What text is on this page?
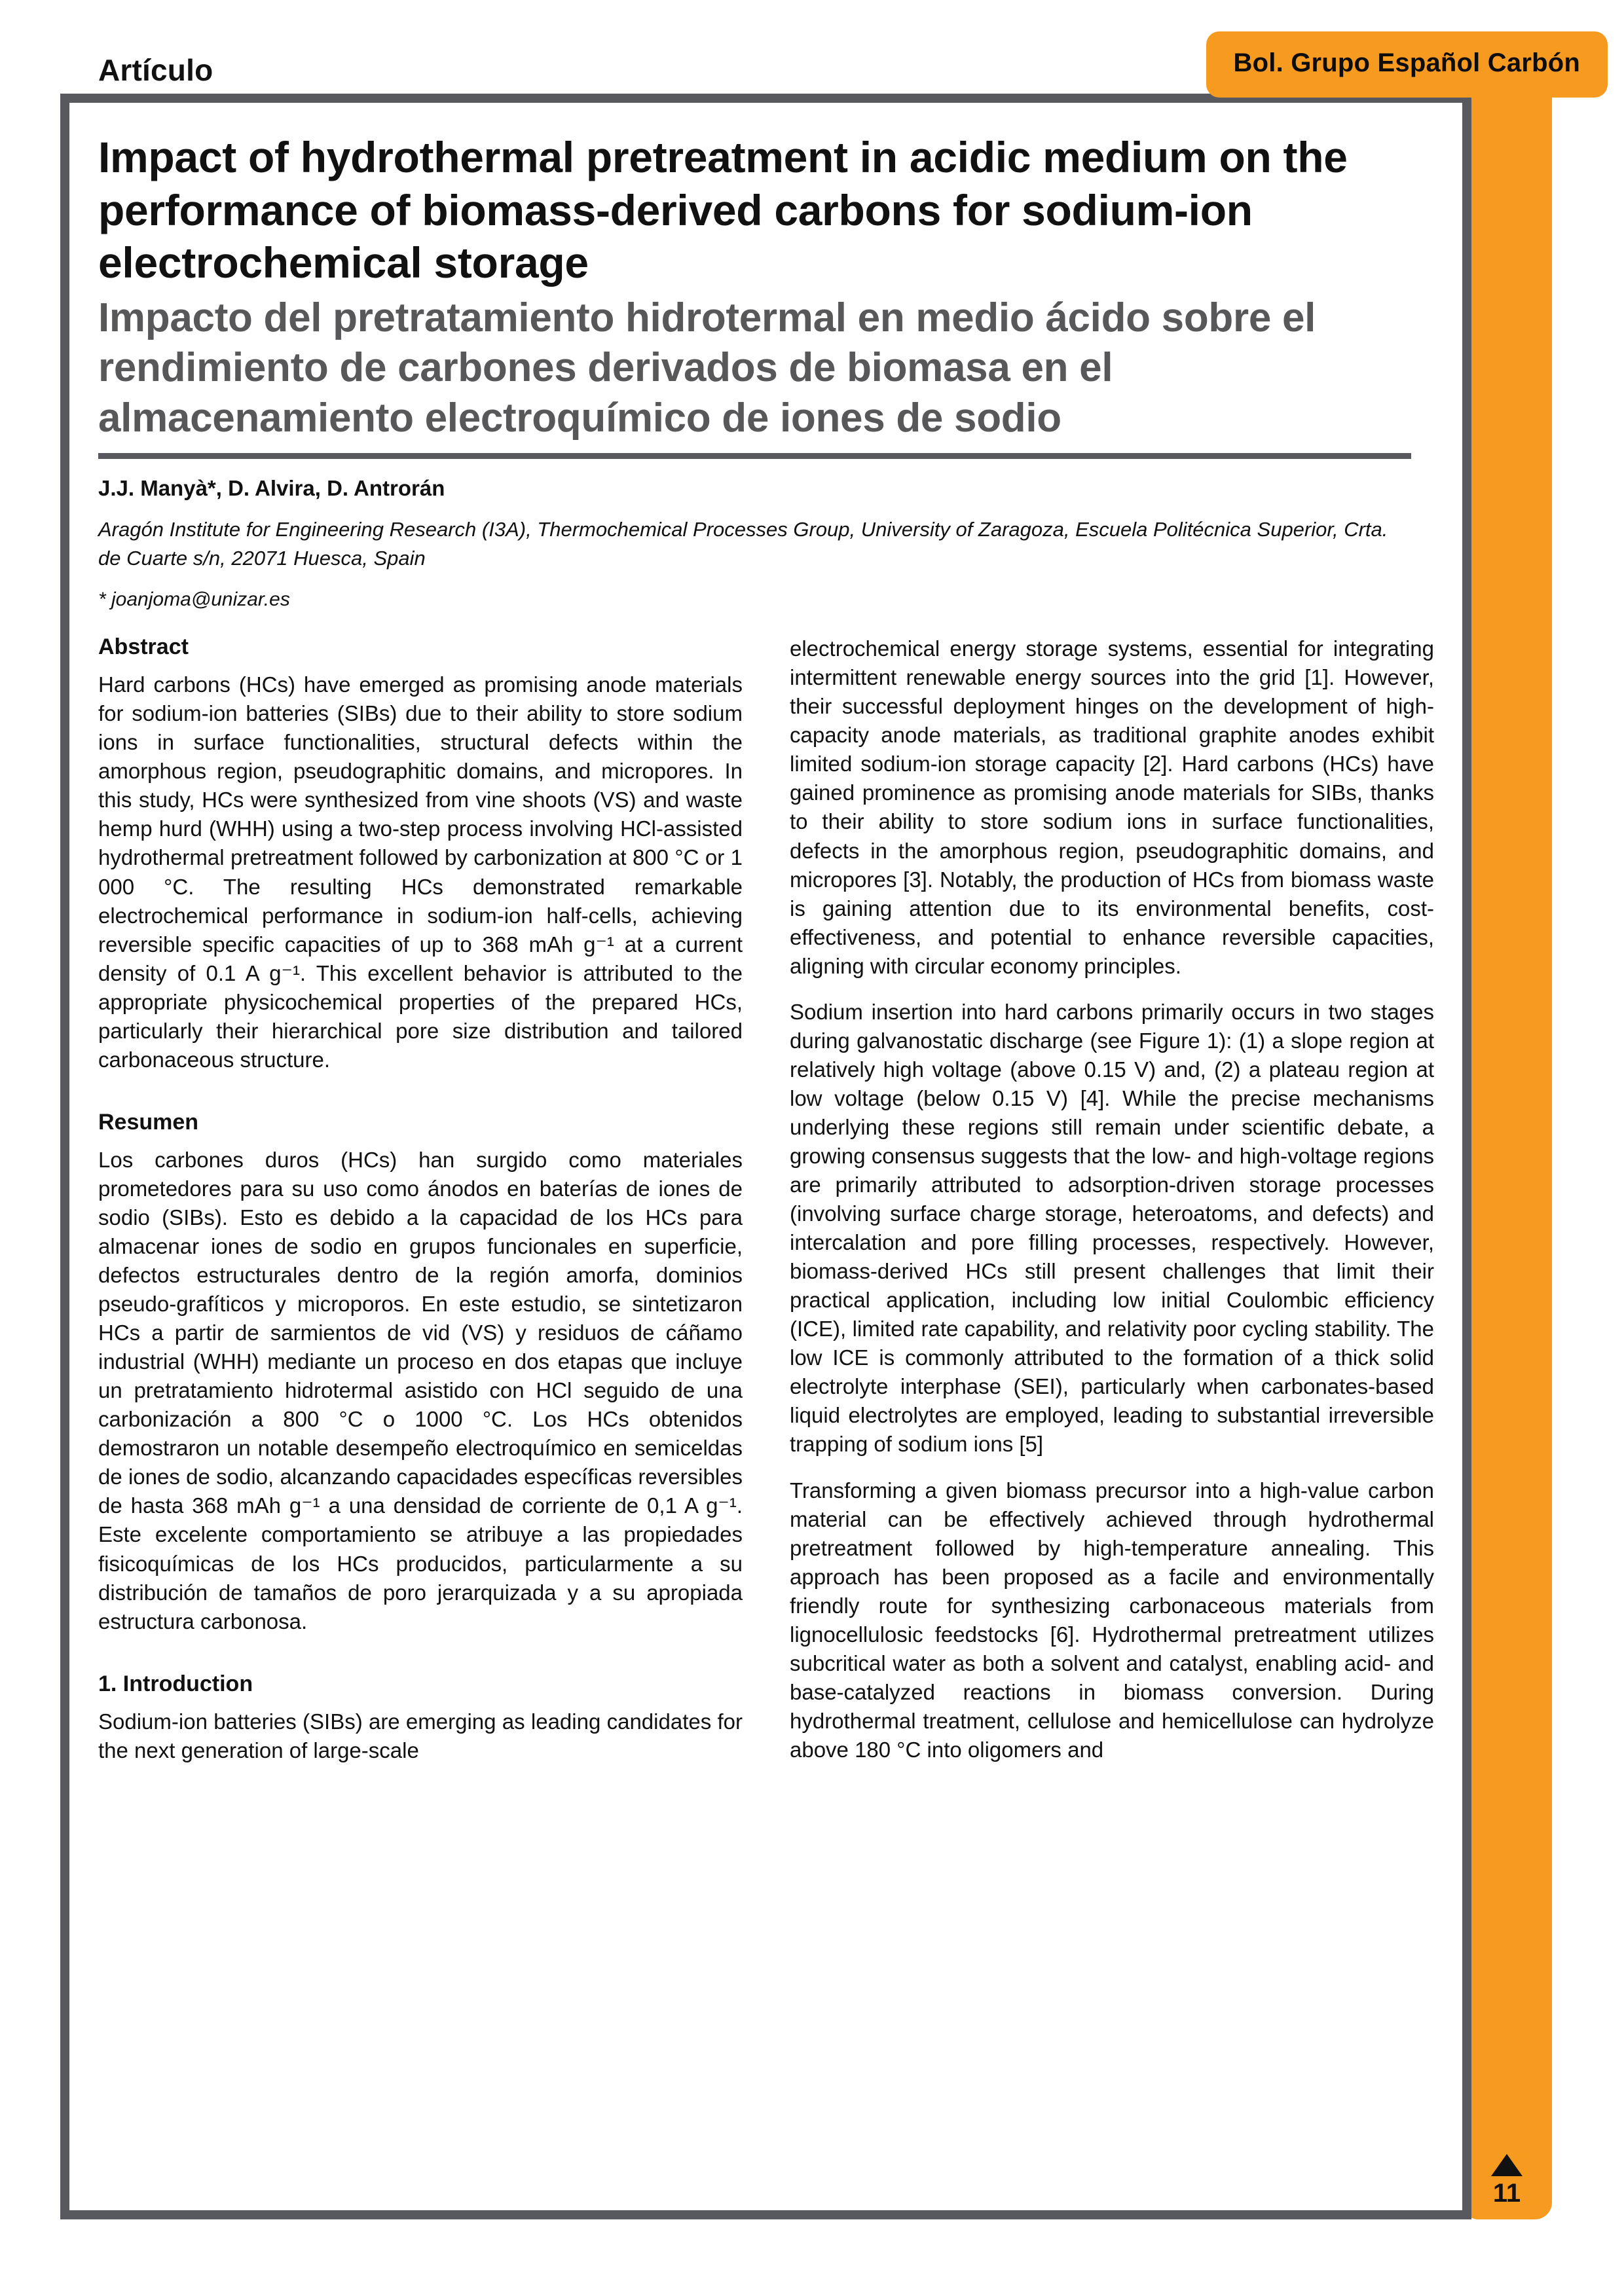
Artículo	Bol. Grupo Español Carbón
Impact of hydrothermal pretreatment in acidic medium on the performance of biomass-derived carbons for sodium-ion electrochemical storage
Impacto del pretratamiento hidrotermal en medio ácido sobre el rendimiento de carbones derivados de biomasa en el almacenamiento electroquímico de iones de sodio
J.J. Manyà*, D. Alvira, D. Antrorán
Aragón Institute for Engineering Research (I3A), Thermochemical Processes Group, University of Zaragoza, Escuela Politécnica Superior, Crta. de Cuarte s/n, 22071 Huesca, Spain
* joanjoma@unizar.es
Abstract

Hard carbons (HCs) have emerged as promising anode materials for sodium-ion batteries (SIBs) due to their ability to store sodium ions in surface functionalities, structural defects within the amorphous region, pseudographitic domains, and micropores. In this study, HCs were synthesized from vine shoots (VS) and waste hemp hurd (WHH) using a two-step process involving HCl-assisted hydrothermal pretreatment followed by carbonization at 800 °C or 1 000 °C. The resulting HCs demonstrated remarkable electrochemical performance in sodium-ion half-cells, achieving reversible specific capacities of up to 368 mAh g⁻¹ at a current density of 0.1 A g⁻¹. This excellent behavior is attributed to the appropriate physicochemical properties of the prepared HCs, particularly their hierarchical pore size distribution and tailored carbonaceous structure.

Resumen

Los carbones duros (HCs) han surgido como materiales prometedores para su uso como ánodos en baterías de iones de sodio (SIBs). Esto es debido a la capacidad de los HCs para almacenar iones de sodio en grupos funcionales en superficie, defectos estructurales dentro de la región amorfa, dominios pseudo-grafíticos y microporos. En este estudio, se sintetizaron HCs a partir de sarmientos de vid (VS) y residuos de cáñamo industrial (WHH) mediante un proceso en dos etapas que incluye un pretratamiento hidrotermal asistido con HCl seguido de una carbonización a 800 °C o 1000 °C. Los HCs obtenidos demostraron un notable desempeño electroquímico en semiceldas de iones de sodio, alcanzando capacidades específicas reversibles de hasta 368 mAh g⁻¹ a una densidad de corriente de 0,1 A g⁻¹. Este excelente comportamiento se atribuye a las propiedades fisicoquímicas de los HCs producidos, particularmente a su distribución de tamaños de poro jerarquizada y a su apropiada estructura carbonosa.

1. Introduction

Sodium-ion batteries (SIBs) are emerging as leading candidates for the next generation of large-scale

electrochemical energy storage systems, essential for integrating intermittent renewable energy sources into the grid [1]. However, their successful deployment hinges on the development of high-capacity anode materials, as traditional graphite anodes exhibit limited sodium-ion storage capacity [2]. Hard carbons (HCs) have gained prominence as promising anode materials for SIBs, thanks to their ability to store sodium ions in surface functionalities, defects in the amorphous region, pseudographitic domains, and micropores [3]. Notably, the production of HCs from biomass waste is gaining attention due to its environmental benefits, cost-effectiveness, and potential to enhance reversible capacities, aligning with circular economy principles.

Sodium insertion into hard carbons primarily occurs in two stages during galvanostatic discharge (see Figure 1): (1) a slope region at relatively high voltage (above 0.15 V) and, (2) a plateau region at low voltage (below 0.15 V) [4]. While the precise mechanisms underlying these regions still remain under scientific debate, a growing consensus suggests that the low- and high-voltage regions are primarily attributed to adsorption-driven storage processes (involving surface charge storage, heteroatoms, and defects) and intercalation and pore filling processes, respectively. However, biomass-derived HCs still present challenges that limit their practical application, including low initial Coulombic efficiency (ICE), limited rate capability, and relativity poor cycling stability. The low ICE is commonly attributed to the formation of a thick solid electrolyte interphase (SEI), particularly when carbonates-based liquid electrolytes are employed, leading to substantial irreversible trapping of sodium ions [5]

Transforming a given biomass precursor into a high-value carbon material can be effectively achieved through hydrothermal pretreatment followed by high-temperature annealing. This approach has been proposed as a facile and environmentally friendly route for synthesizing carbonaceous materials from lignocellulosic feedstocks [6]. Hydrothermal pretreatment utilizes subcritical water as both a solvent and catalyst, enabling acid- and base-catalyzed reactions in biomass conversion. During hydrothermal treatment, cellulose and hemicellulose can hydrolyze above 180 °C into oligomers and

11
